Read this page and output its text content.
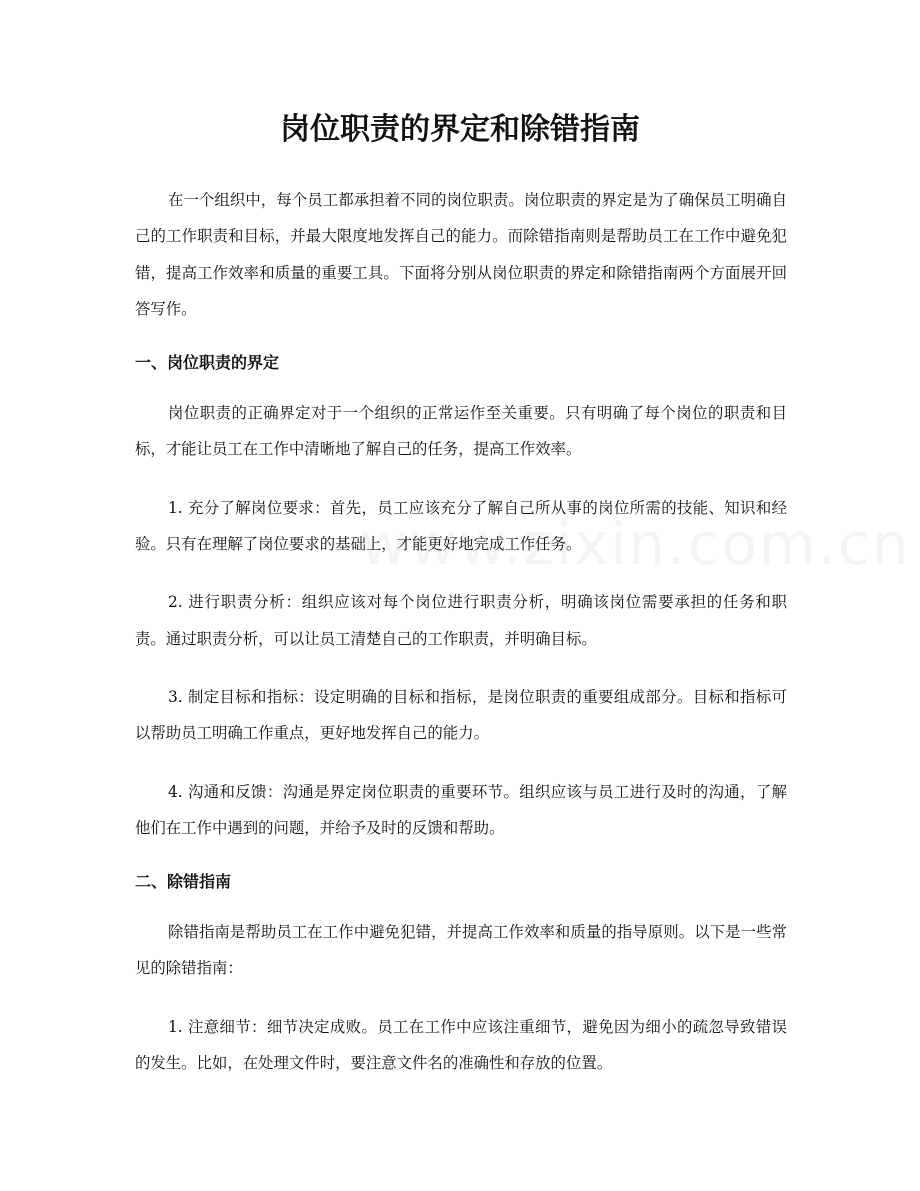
岗位职责的界定和除错指南

在一个组织中，每个员工都承担着不同的岗位职责。岗位职责的界定是为了确保员工明确自己的工作职责和目标，并最大限度地发挥自己的能力。而除错指南则是帮助员工在工作中避免犯错，提高工作效率和质量的重要工具。下面将分别从岗位职责的界定和除错指南两个方面展开回答写作。

一、岗位职责的界定

岗位职责的正确界定对于一个组织的正常运作至关重要。只有明确了每个岗位的职责和目标，才能让员工在工作中清晰地了解自己的任务，提高工作效率。

1. 充分了解岗位要求：首先，员工应该充分了解自己所从事的岗位所需的技能、知识和经验。只有在理解了岗位要求的基础上，才能更好地完成工作任务。

2. 进行职责分析：组织应该对每个岗位进行职责分析，明确该岗位需要承担的任务和职责。通过职责分析，可以让员工清楚自己的工作职责，并明确目标。

3. 制定目标和指标：设定明确的目标和指标，是岗位职责的重要组成部分。目标和指标可以帮助员工明确工作重点，更好地发挥自己的能力。

4. 沟通和反馈：沟通是界定岗位职责的重要环节。组织应该与员工进行及时的沟通，了解他们在工作中遇到的问题，并给予及时的反馈和帮助。

二、除错指南

除错指南是帮助员工在工作中避免犯错，并提高工作效率和质量的指导原则。以下是一些常见的除错指南：

1. 注意细节：细节决定成败。员工在工作中应该注重细节，避免因为细小的疏忽导致错误的发生。比如，在处理文件时，要注意文件名的准确性和存放的位置。
